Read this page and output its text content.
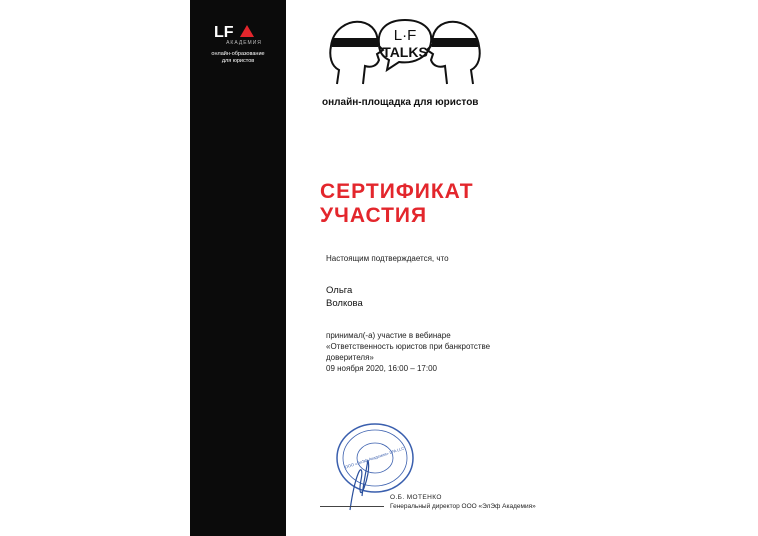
LF
АКАДЕМИЯ
онлайн-образование
для юристов
L·F
TALKS
онлайн-площадка для юристов
СЕРТИФИКАТ
УЧАСТИЯ
Настоящим подтверждается, что
Ольга
Волкова
принимал(-а) участие в вебинаре
«Ответственность юристов при банкротстве
доверителя»
09 ноября 2020, 16:00 – 17:00
ООО «ЭлЭф Академия» LFA LLC
О.Б. МОТЕНКО
Генеральный директор ООО «ЭлЭф Академия»
